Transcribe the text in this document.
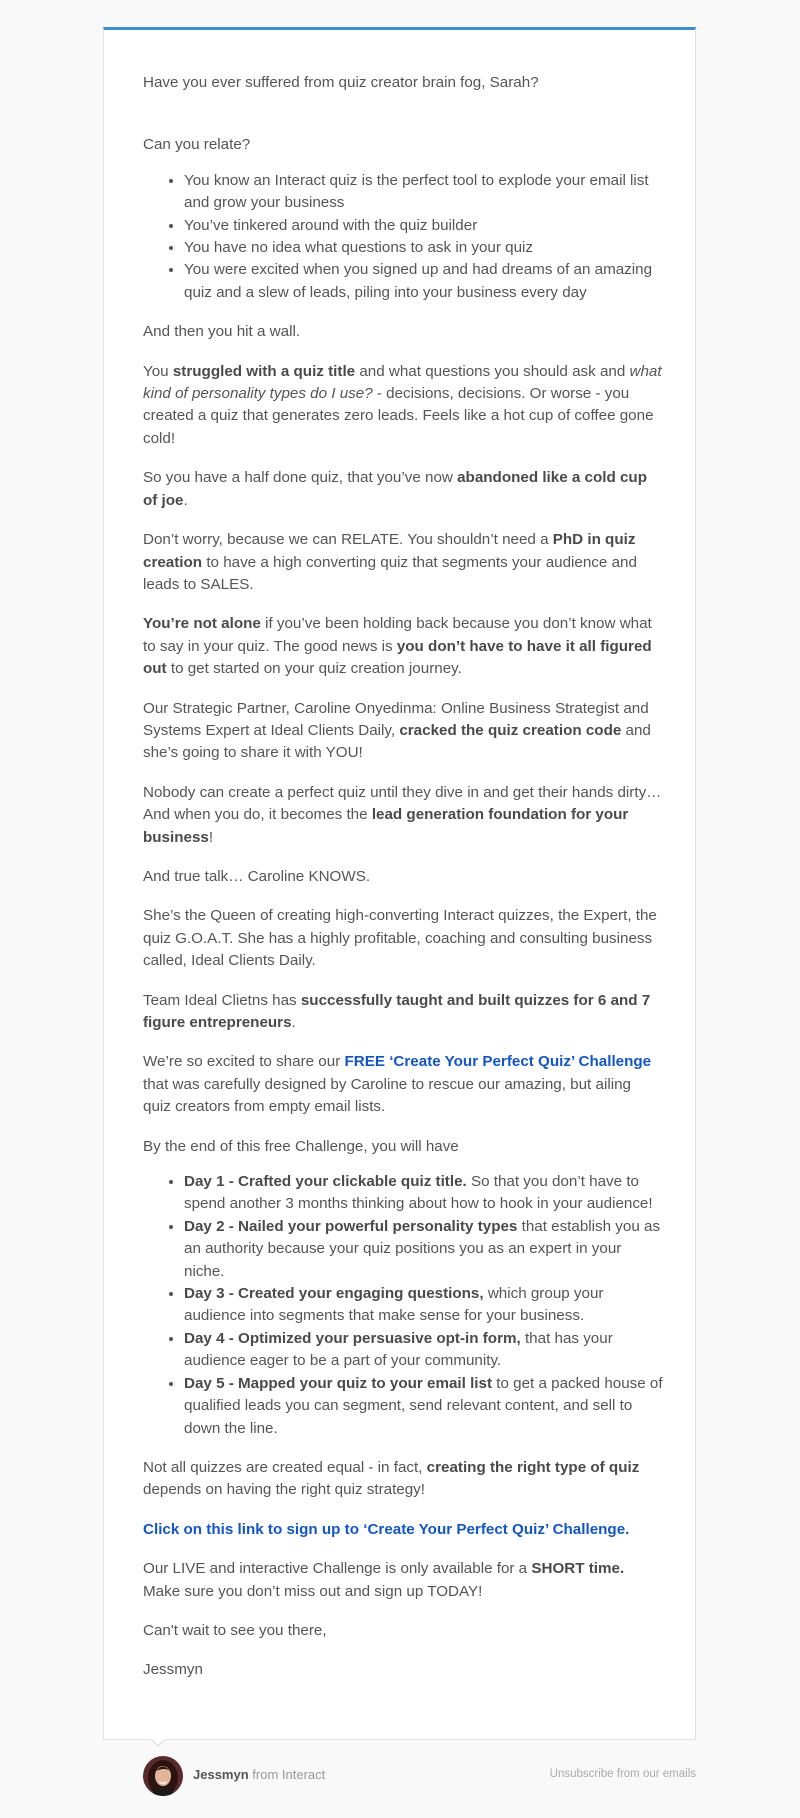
Have you ever suffered from quiz creator brain fog, Sarah?

Can you relate?

• You know an Interact quiz is the perfect tool to explode your email list and grow your business
• You’ve tinkered around with the quiz builder
• You have no idea what questions to ask in your quiz
• You were excited when you signed up and had dreams of an amazing quiz and a slew of leads, piling into your business every day

And then you hit a wall.

You struggled with a quiz title and what questions you should ask and what kind of personality types do I use? - decisions, decisions. Or worse - you created a quiz that generates zero leads. Feels like a hot cup of coffee gone cold!

So you have a half done quiz, that you’ve now abandoned like a cold cup of joe.

Don’t worry, because we can RELATE. You shouldn’t need a PhD in quiz creation to have a high converting quiz that segments your audience and leads to SALES.

You’re not alone if you’ve been holding back because you don’t know what to say in your quiz. The good news is you don’t have to have it all figured out to get started on your quiz creation journey.

Our Strategic Partner, Caroline Onyedinma: Online Business Strategist and Systems Expert at Ideal Clients Daily, cracked the quiz creation code and she’s going to share it with YOU!

Nobody can create a perfect quiz until they dive in and get their hands dirty… And when you do, it becomes the lead generation foundation for your business!

And true talk… Caroline KNOWS.

She’s the Queen of creating high-converting Interact quizzes, the Expert, the quiz G.O.A.T. She has a highly profitable, coaching and consulting business called, Ideal Clients Daily.

Team Ideal Clietns has successfully taught and built quizzes for 6 and 7 figure entrepreneurs.

We’re so excited to share our FREE ‘Create Your Perfect Quiz’ Challenge that was carefully designed by Caroline to rescue our amazing, but ailing quiz creators from empty email lists.

By the end of this free Challenge, you will have

• Day 1 - Crafted your clickable quiz title. So that you don’t have to spend another 3 months thinking about how to hook in your audience!
• Day 2 - Nailed your powerful personality types that establish you as an authority because your quiz positions you as an expert in your niche.
• Day 3 - Created your engaging questions, which group your audience into segments that make sense for your business.
• Day 4 - Optimized your persuasive opt-in form, that has your audience eager to be a part of your community.
• Day 5 - Mapped your quiz to your email list to get a packed house of qualified leads you can segment, send relevant content, and sell to down the line.

Not all quizzes are created equal - in fact, creating the right type of quiz depends on having the right quiz strategy!

Click on this link to sign up to ‘Create Your Perfect Quiz’ Challenge.

Our LIVE and interactive Challenge is only available for a SHORT time. Make sure you don’t miss out and sign up TODAY!

Can't wait to see you there,

Jessmyn

Jessmyn from Interact	Unsubscribe from our emails
